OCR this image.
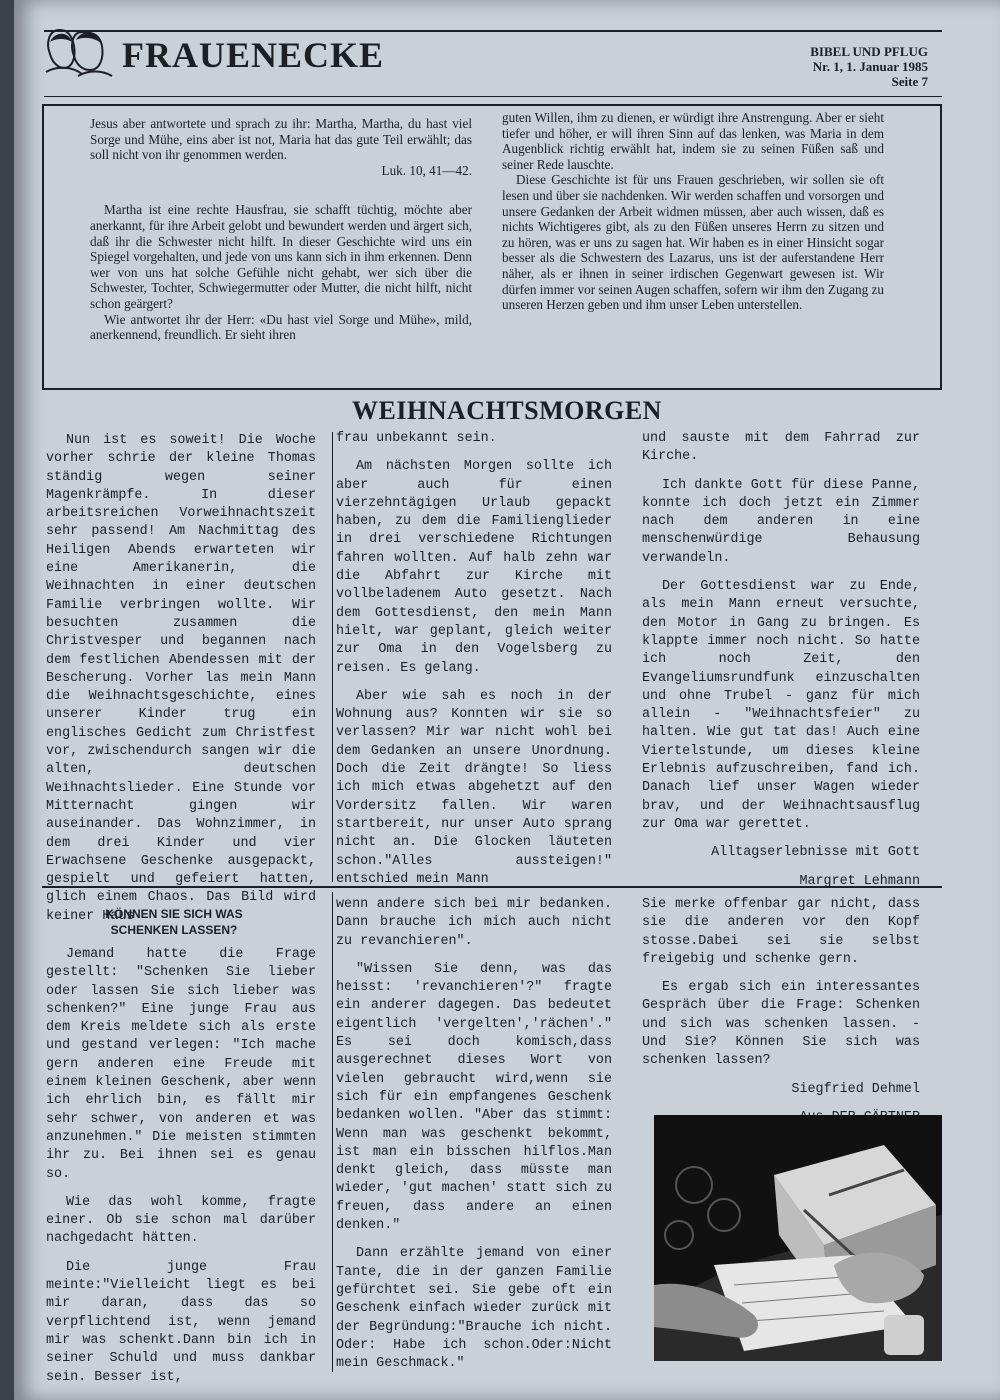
FRAUENECKE	BIBEL UND PFLUG
Nr. 1, 1. Januar 1985
Seite 7

Jesus aber antwortete und sprach zu ihr: Martha, Martha, du hast viel Sorge und Mühe, eins aber ist not, Maria hat das gute Teil erwählt; das soll nicht von ihr genommen werden.

Luk. 10, 41—42.

Martha ist eine rechte Hausfrau, sie schafft tüchtig, möchte aber anerkannt, für ihre Arbeit gelobt und bewundert werden und ärgert sich, daß ihr die Schwester nicht hilft. In dieser Geschichte wird uns ein Spiegel vorgehalten, und jede von uns kann sich in ihm erkennen. Denn wer von uns hat solche Gefühle nicht gehabt, wer sich über die Schwester, Tochter, Schwiegermutter oder Mutter, die nicht hilft, nicht schon geärgert?

Wie antwortet ihr der Herr: «Du hast viel Sorge und Mühe», mild, anerkennend, freundlich. Er sieht ihren

guten Willen, ihm zu dienen, er würdigt ihre Anstrengung. Aber er sieht tiefer und höher, er will ihren Sinn auf das lenken, was Maria in dem Augenblick richtig erwählt hat, indem sie zu seinen Füßen saß und seiner Rede lauschte.

Diese Geschichte ist für uns Frauen geschrieben, wir sollen sie oft lesen und über sie nachdenken. Wir werden schaffen und vorsorgen und unsere Gedanken der Arbeit widmen müssen, aber auch wissen, daß es nichts Wichtigeres gibt, als zu den Füßen unseres Herrn zu sitzen und zu hören, was er uns zu sagen hat. Wir haben es in einer Hinsicht sogar besser als die Schwestern des Lazarus, uns ist der auferstandene Herr näher, als er ihnen in seiner irdischen Gegenwart gewesen ist. Wir dürfen immer vor seinen Augen schaffen, sofern wir ihm den Zugang zu unseren Herzen geben und ihm unser Leben unterstellen.

WEIHNACHTSMORGEN

Nun ist es soweit! Die Woche vorher schrie der kleine Thomas ständig wegen seiner Magenkrämpfe. In dieser arbeitsreichen Vorweihnachtszeit sehr passend! Am Nachmittag des Heiligen Abends erwarteten wir eine Amerikanerin, die Weihnachten in einer deutschen Familie verbringen wollte. Wir besuchten zusammen die Christvesper und begannen nach dem festlichen Abendessen mit der Bescherung. Vorher las mein Mann die Weihnachtsgeschichte, eines unserer Kinder trug ein englisches Gedicht zum Christfest vor, zwischendurch sangen wir die alten, deutschen Weihnachtslieder. Eine Stunde vor Mitternacht gingen wir auseinander. Das Wohnzimmer, in dem drei Kinder und vier Erwachsene Geschenke ausgepackt, gespielt und gefeiert hatten, glich einem Chaos. Das Bild wird keiner Haus

frau unbekannt sein.

Am nächsten Morgen sollte ich aber auch für einen vierzehntägigen Urlaub gepackt haben, zu dem die Familienglieder in drei verschiedene Richtungen fahren wollten. Auf halb zehn war die Abfahrt zur Kirche mit vollbeladenem Auto gesetzt. Nach dem Gottesdienst, den mein Mann hielt, war geplant, gleich weiter zur Oma in den Vogelsberg zu reisen. Es gelang.

Aber wie sah es noch in der Wohnung aus? Konnten wir sie so verlassen? Mir war nicht wohl bei dem Gedanken an unsere Unordnung. Doch die Zeit drängte! So liess ich mich etwas abgehetzt auf den Vordersitz fallen. Wir waren startbereit, nur unser Auto sprang nicht an. Die Glocken läuteten schon."Alles aussteigen!" entschied mein Mann

und sauste mit dem Fahrrad zur Kirche.

Ich dankte Gott für diese Panne, konnte ich doch jetzt ein Zimmer nach dem anderen in eine menschenwürdige Behausung verwandeln.

Der Gottesdienst war zu Ende, als mein Mann erneut versuchte, den Motor in Gang zu bringen. Es klappte immer noch nicht. So hatte ich noch Zeit, den Evangeliumsrundfunk einzuschalten und ohne Trubel - ganz für mich allein - "Weihnachtsfeier" zu halten. Wie gut tat das! Auch eine Viertelstunde, um dieses kleine Erlebnis aufzuschreiben, fand ich. Danach lief unser Wagen wieder brav, und der Weihnachtsausflug zur Oma war gerettet.

Alltagserlebnisse mit Gott

Margret Lehmann

KÖNNEN SIE SICH WAS
SCHENKEN LASSEN?

Jemand hatte die Frage gestellt: "Schenken Sie lieber oder lassen Sie sich lieber was schenken?" Eine junge Frau aus dem Kreis meldete sich als erste und gestand verlegen: "Ich mache gern anderen eine Freude mit einem kleinen Geschenk, aber wenn ich ehrlich bin, es fällt mir sehr schwer, von anderen et was anzunehmen." Die meisten stimmten ihr zu. Bei ihnen sei es genau so.

Wie das wohl komme, fragte einer. Ob sie schon mal darüber nachgedacht hätten.

Die junge Frau meinte:"Vielleicht liegt es bei mir daran, dass das so verpflichtend ist, wenn jemand mir was schenkt.Dann bin ich in seiner Schuld und muss dankbar sein. Besser ist,

wenn andere sich bei mir bedanken. Dann brauche ich mich auch nicht zu revanchieren".

"Wissen Sie denn, was das heisst: 'revanchieren'?" fragte ein anderer dagegen. Das bedeutet eigentlich 'vergelten','rächen'." Es sei doch komisch,dass ausgerechnet dieses Wort von vielen gebraucht wird,wenn sie sich für ein empfangenes Geschenk bedanken wollen. "Aber das stimmt: Wenn man was geschenkt bekommt, ist man ein bisschen hilflos.Man denkt gleich, dass müsste man wieder, 'gut machen' statt sich zu freuen, dass andere an einen denken."

Dann erzählte jemand von einer Tante, die in der ganzen Familie gefürchtet sei. Sie gebe oft ein Geschenk einfach wieder zurück mit der Begründung:"Brauche ich nicht. Oder: Habe ich schon.Oder:Nicht mein Geschmack."

Sie merke offenbar gar nicht, dass sie die anderen vor den Kopf stosse.Dabei sei sie selbst freigebig und schenke gern.

Es ergab sich ein interessantes Gespräch über die Frage: Schenken und sich was schenken lassen. - Und Sie? Können Sie sich was schenken lassen?

Siegfried Dehmel
